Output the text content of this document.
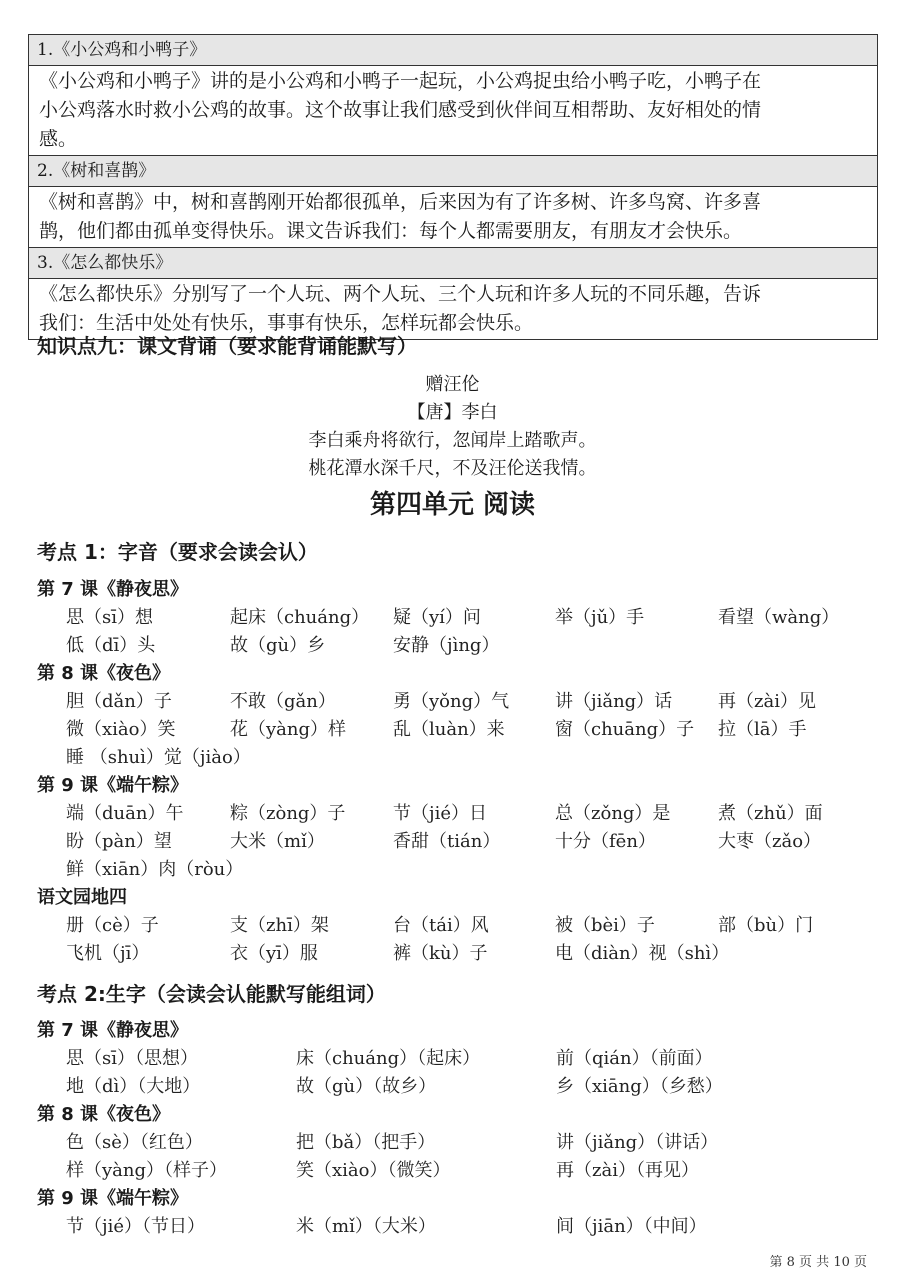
1.《小公鸡和小鸭子》
《小公鸡和小鸭子》讲的是小公鸡和小鸭子一起玩，小公鸡捉虫给小鸭子吃，小鸭子在
小公鸡落水时救小公鸡的故事。这个故事让我们感受到伙伴间互相帮助、友好相处的情
感。
2.《树和喜鹊》
《树和喜鹊》中，树和喜鹊刚开始都很孤单，后来因为有了许多树、许多鸟窝、许多喜
鹊，他们都由孤单变得快乐。课文告诉我们：每个人都需要朋友，有朋友才会快乐。
3.《怎么都快乐》
《怎么都快乐》分别写了一个人玩、两个人玩、三个人玩和许多人玩的不同乐趣，告诉
我们：生活中处处有快乐，事事有快乐，怎样玩都会快乐。
知识点九：课文背诵（要求能背诵能默写）
赠汪伦
【唐】李白
李白乘舟将欲行，忽闻岸上踏歌声。
桃花潭水深千尺，不及汪伦送我情。
第四单元 阅读
考点 1：字音（要求会读会认）
第 7 课《静夜思》
思（sī）想	起床（chuáng） 疑（yí）问	举（jǔ）手	看望（wàng）
低（dī）头	故（gù）乡	安静（jìng）
第 8 课《夜色》
胆（dǎn）子	不敢（gǎn）	勇（yǒng）气	讲（jiǎng）话	再（zài）见
微（xiào）笑	花（yàng）样	乱（luàn）来	窗（chuāng）子 拉（lā）手
睡 （shuì）觉（jiào）
第 9 课《端午粽》
端（duān）午	粽（zòng）子	节（jié）日	总（zǒng）是	煮（zhǔ）面
盼（pàn）望	大米（mǐ）	香甜（tián）	十分（fēn）	大枣（zǎo）
鲜（xiān）肉（ròu）
语文园地四
册（cè）子	支（zhī）架	台（tái）风	被（bèi）子	部（bù）门
飞机（jī）	衣（yī）服	裤（kù）子	电（diàn）视（shì）
考点 2:生字（会读会认能默写能组词）
第 7 课《静夜思》
思（sī）（思想）	床（chuáng）（起床）	前（qián）（前面）
地（dì）（大地）	故（gù）（故乡）	乡（xiāng）（乡愁）
第 8 课《夜色》
色（sè）（红色）	把（bǎ）（把手）	讲（jiǎng）（讲话）
样（yàng）（样子）	笑（xiào）（微笑）	再（zài）（再见）
第 9 课《端午粽》
节（jié）（节日）	米（mǐ）（大米）	间（jiān）（中间）
第 8 页 共 10 页
